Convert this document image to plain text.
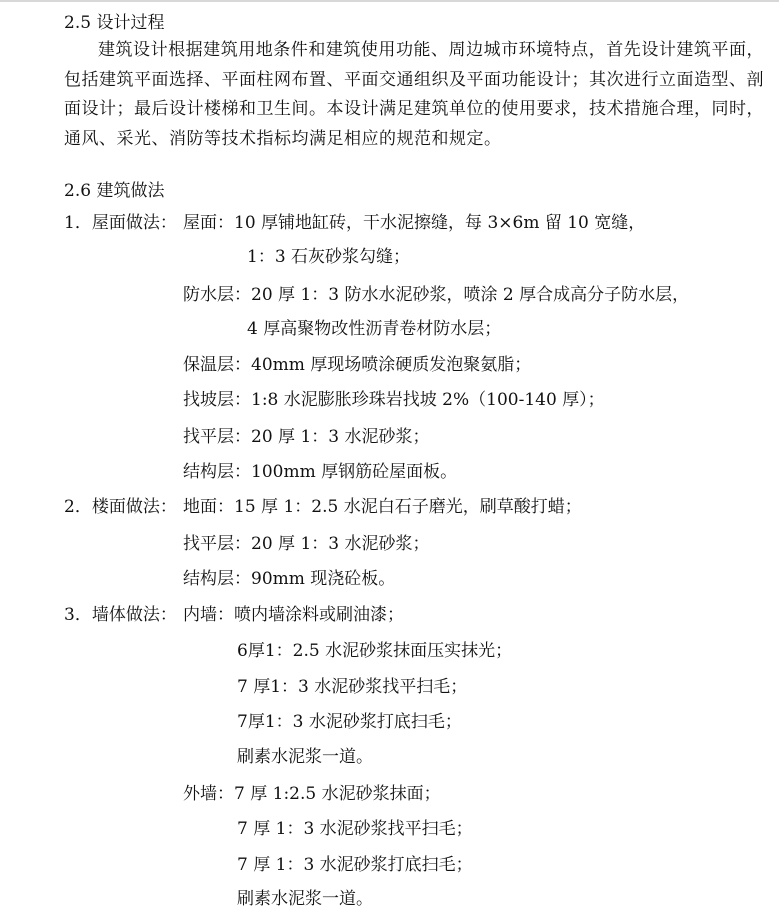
2.5 设计过程
建筑设计根据建筑用地条件和建筑使用功能、周边城市环境特点，首先设计建筑平面，包括建筑平面选择、平面柱网布置、平面交通组织及平面功能设计；其次进行立面造型、剖面设计；最后设计楼梯和卫生间。本设计满足建筑单位的使用要求，技术措施合理，同时，通风、采光、消防等技术指标均满足相应的规范和规定。
2.6 建筑做法
1．屋面做法： 屋面：10 厚铺地缸砖，干水泥擦缝，每 3×6m 留 10 宽缝，
1：3 石灰砂浆勾缝；
防水层：20 厚 1：3 防水水泥砂浆，喷涂 2 厚合成高分子防水层，
4 厚高聚物改性沥青卷材防水层；
保温层：40mm 厚现场喷涂硬质发泡聚氨脂；
找坡层：1:8 水泥膨胀珍珠岩找坡 2%（100-140 厚）；
找平层：20 厚 1：3 水泥砂浆；
结构层：100mm 厚钢筋砼屋面板。
2．楼面做法： 地面：15 厚 1：2.5 水泥白石子磨光，刷草酸打蜡；
找平层：20 厚 1：3 水泥砂浆；
结构层：90mm 现浇砼板。
3．墙体做法： 内墙：喷内墙涂料或刷油漆；
6厚1：2.5 水泥砂浆抹面压实抹光；
7 厚1：3 水泥砂浆找平扫毛；
7厚1：3 水泥砂浆打底扫毛；
刷素水泥浆一道。
外墙：7 厚 1:2.5 水泥砂浆抹面；
7 厚 1：3 水泥砂浆找平扫毛；
7 厚 1：3 水泥砂浆打底扫毛；
刷素水泥浆一道。
